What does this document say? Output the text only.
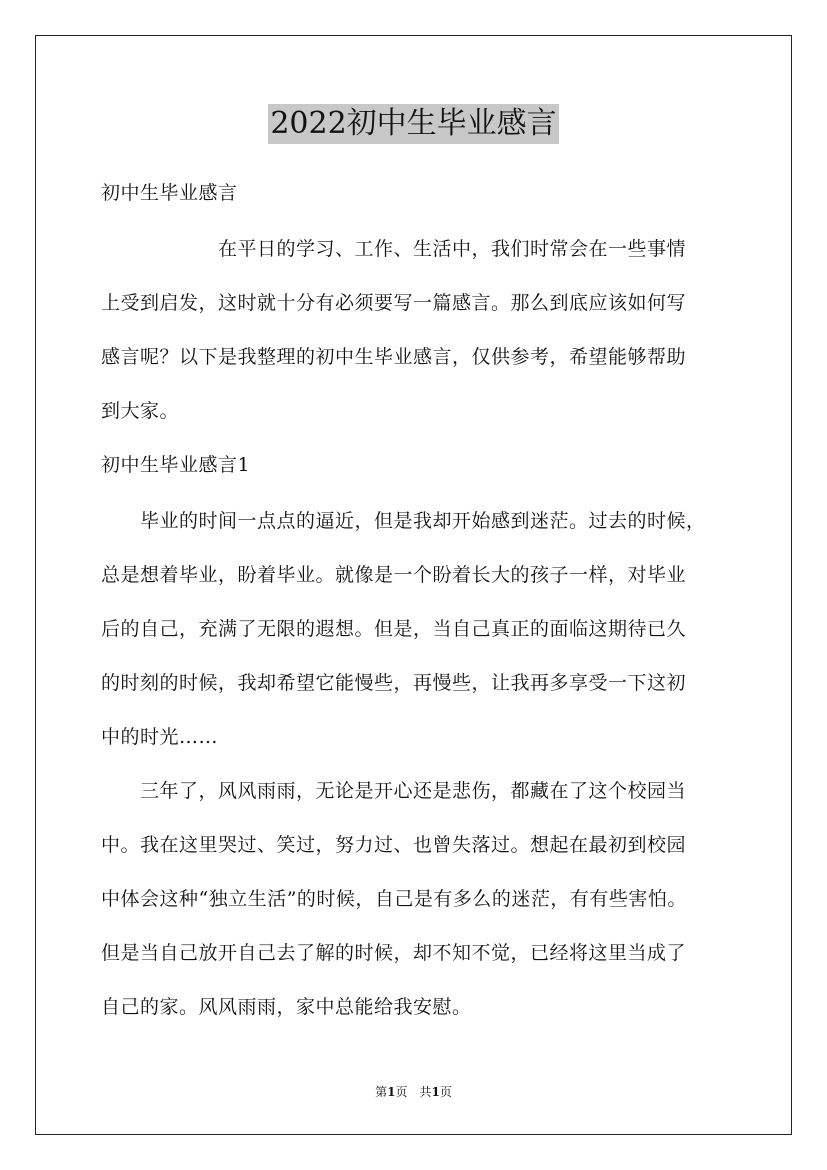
2022初中生毕业感言
初中生毕业感言
　　　　　　在平日的学习、工作、生活中，我们时常会在一些事情
上受到启发，这时就十分有必须要写一篇感言。那么到底应该如何写
感言呢？以下是我整理的初中生毕业感言，仅供参考，希望能够帮助
到大家。
初中生毕业感言1
　　毕业的时间一点点的逼近，但是我却开始感到迷茫。过去的时候，
总是想着毕业，盼着毕业。就像是一个盼着长大的孩子一样，对毕业
后的自己，充满了无限的遐想。但是，当自己真正的面临这期待已久
的时刻的时候，我却希望它能慢些，再慢些，让我再多享受一下这初
中的时光……
　　三年了，风风雨雨，无论是开心还是悲伤，都藏在了这个校园当
中。我在这里哭过、笑过，努力过、也曾失落过。想起在最初到校园
中体会这种“独立生活”的时候，自己是有多么的迷茫，有有些害怕。
但是当自己放开自己去了解的时候，却不知不觉，已经将这里当成了
自己的家。风风雨雨，家中总能给我安慰。
第1页　共1页
